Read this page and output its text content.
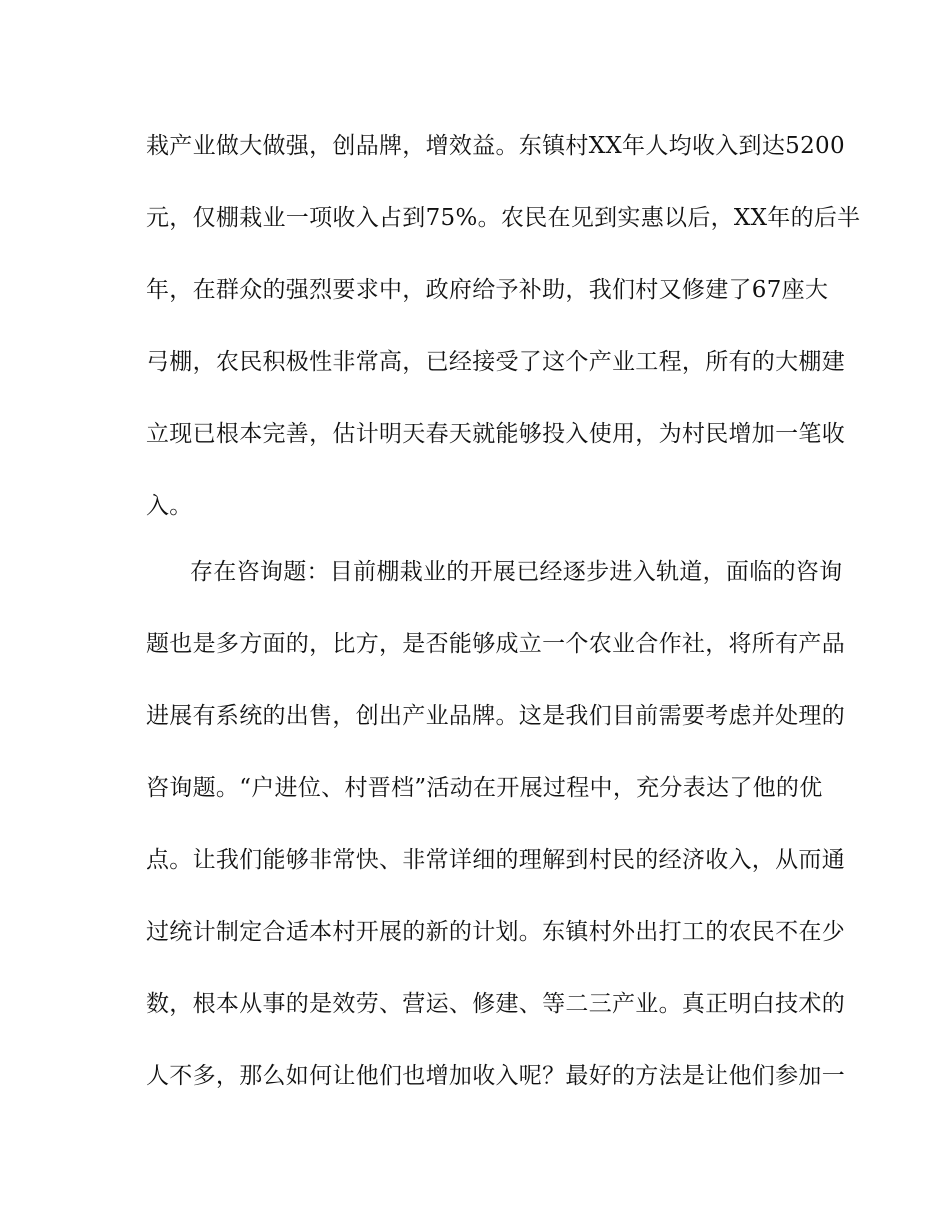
栽产业做大做强，创品牌，增效益。东镇村XX年人均收入到达5200
元，仅棚栽业一项收入占到75%。农民在见到实惠以后，XX年的后半
年，在群众的强烈要求中，政府给予补助，我们村又修建了67座大
弓棚，农民积极性非常高，已经接受了这个产业工程，所有的大棚建
立现已根本完善，估计明天春天就能够投入使用，为村民增加一笔收
入。
存在咨询题：目前棚栽业的开展已经逐步进入轨道，面临的咨询
题也是多方面的，比方，是否能够成立一个农业合作社，将所有产品
进展有系统的出售，创出产业品牌。这是我们目前需要考虑并处理的
咨询题。“户进位、村晋档”活动在开展过程中，充分表达了他的优
点。让我们能够非常快、非常详细的理解到村民的经济收入，从而通
过统计制定合适本村开展的新的计划。东镇村外出打工的农民不在少
数，根本从事的是效劳、营运、修建、等二三产业。真正明白技术的
人不多，那么如何让他们也增加收入呢？最好的方法是让他们参加一
